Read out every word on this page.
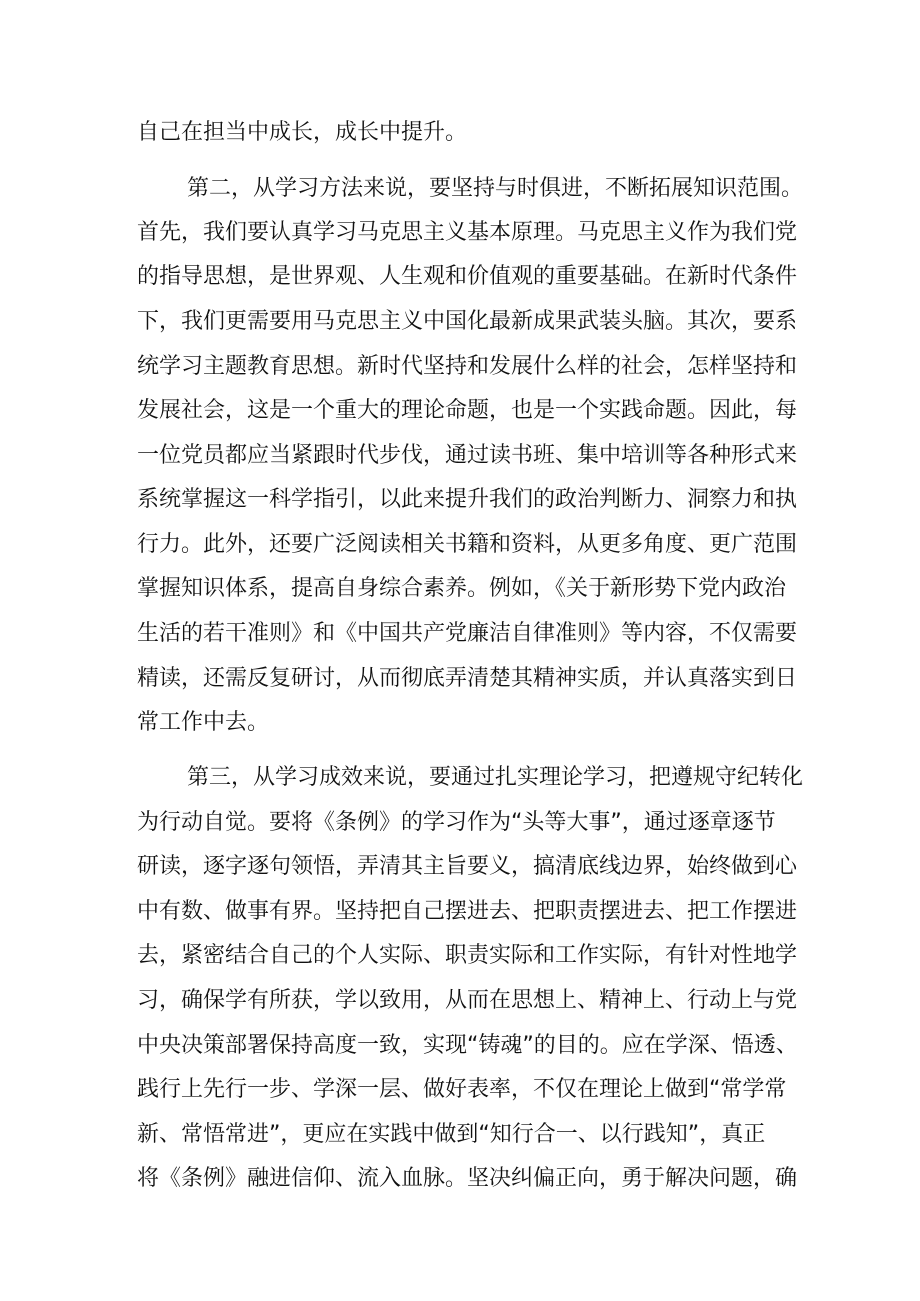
自己在担当中成长，成长中提升。
第二，从学习方法来说，要坚持与时俱进，不断拓展知识范围。
首先，我们要认真学习马克思主义基本原理。马克思主义作为我们党
的指导思想，是世界观、人生观和价值观的重要基础。在新时代条件
下，我们更需要用马克思主义中国化最新成果武装头脑。其次，要系
统学习主题教育思想。新时代坚持和发展什么样的社会，怎样坚持和
发展社会，这是一个重大的理论命题，也是一个实践命题。因此，每
一位党员都应当紧跟时代步伐，通过读书班、集中培训等各种形式来
系统掌握这一科学指引，以此来提升我们的政治判断力、洞察力和执
行力。此外，还要广泛阅读相关书籍和资料，从更多角度、更广范围
掌握知识体系，提高自身综合素养。例如，《关于新形势下党内政治
生活的若干准则》和《中国共产党廉洁自律准则》等内容，不仅需要
精读，还需反复研讨，从而彻底弄清楚其精神实质，并认真落实到日
常工作中去。
第三，从学习成效来说，要通过扎实理论学习，把遵规守纪转化
为行动自觉。要将《条例》的学习作为“头等大事”，通过逐章逐节
研读，逐字逐句领悟，弄清其主旨要义，搞清底线边界，始终做到心
中有数、做事有界。坚持把自己摆进去、把职责摆进去、把工作摆进
去，紧密结合自己的个人实际、职责实际和工作实际，有针对性地学
习，确保学有所获，学以致用，从而在思想上、精神上、行动上与党
中央决策部署保持高度一致，实现“铸魂”的目的。应在学深、悟透、
践行上先行一步、学深一层、做好表率，不仅在理论上做到“常学常
新、常悟常进”，更应在实践中做到“知行合一、以行践知”，真正
将《条例》融进信仰、流入血脉。坚决纠偏正向，勇于解决问题，确
